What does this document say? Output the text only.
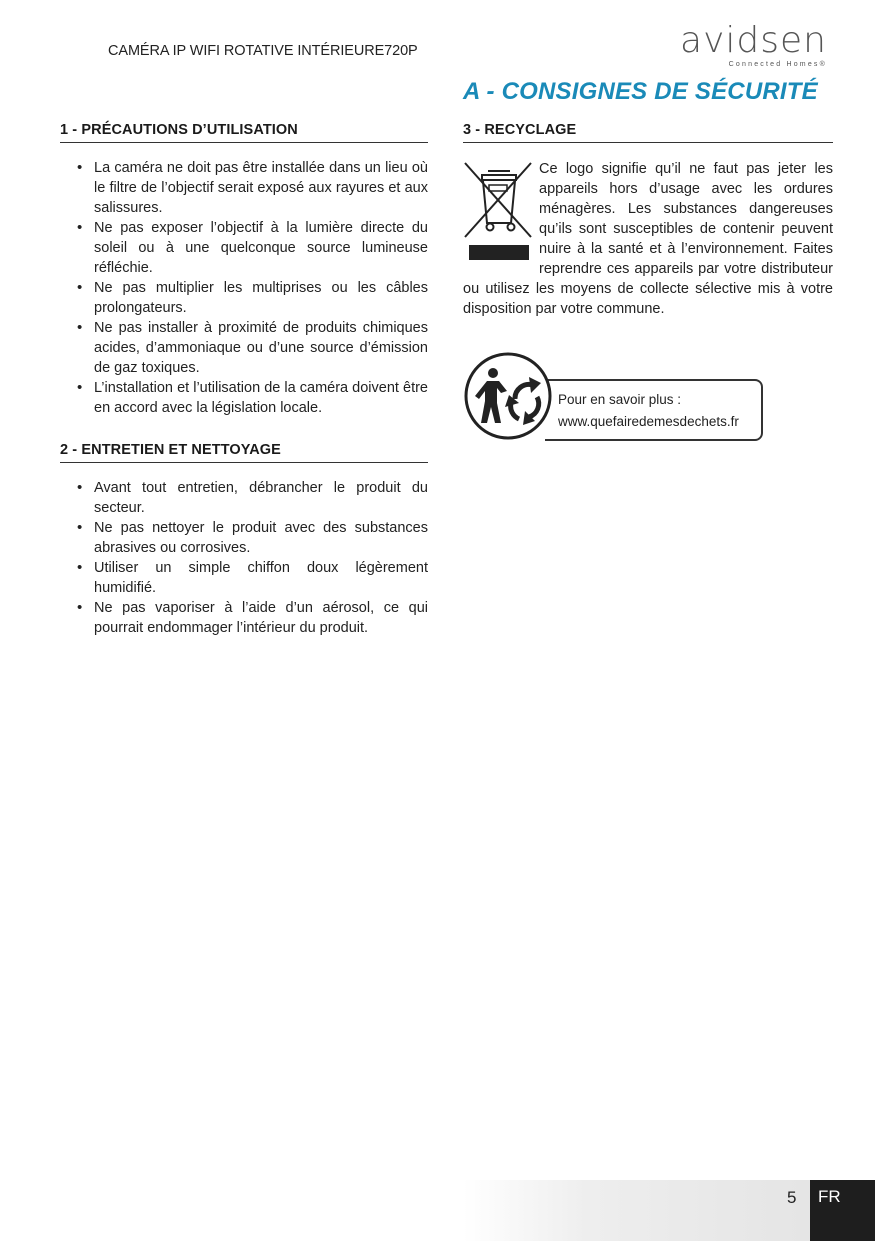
CAMÉRA IP WIFI ROTATIVE INTÉRIEURE720P	avidsen
Connected Homes®
A - CONSIGNES DE SÉCURITÉ
1 - PRÉCAUTIONS D’UTILISATION
• La caméra ne doit pas être installée dans un lieu où le filtre de l’objectif serait exposé aux rayures et aux salissures.
• Ne pas exposer l’objectif à la lumière directe du soleil ou à une quelconque source lumineuse réfléchie.
• Ne pas multiplier les multiprises ou les câbles prolongateurs.
• Ne pas installer à proximité de produits chimiques acides, d’ammoniaque ou d’une source d’émission de gaz toxiques.
• L’installation et l’utilisation de la caméra doivent être en accord avec la législation locale.
2 - ENTRETIEN ET NETTOYAGE
• Avant tout entretien, débrancher le produit du secteur.
• Ne pas nettoyer le produit avec des substances abrasives ou corrosives.
• Utiliser un simple chiffon doux légèrement humidifié.
• Ne pas vaporiser à l’aide d’un aérosol, ce qui pourrait endommager l’intérieur du produit.
3 - RECYCLAGE

Ce logo signifie qu’il ne faut pas jeter les appareils hors d’usage avec les ordures ménagères. Les substances dangereuses qu’ils sont susceptibles de contenir peuvent nuire à la santé et à l’environnement. Faites reprendre ces appareils par votre distributeur ou utilisez les moyens de collecte sélective mis à votre disposition par votre commune.

Pour en savoir plus :
www.quefairedemesdechets.fr
5 FR
